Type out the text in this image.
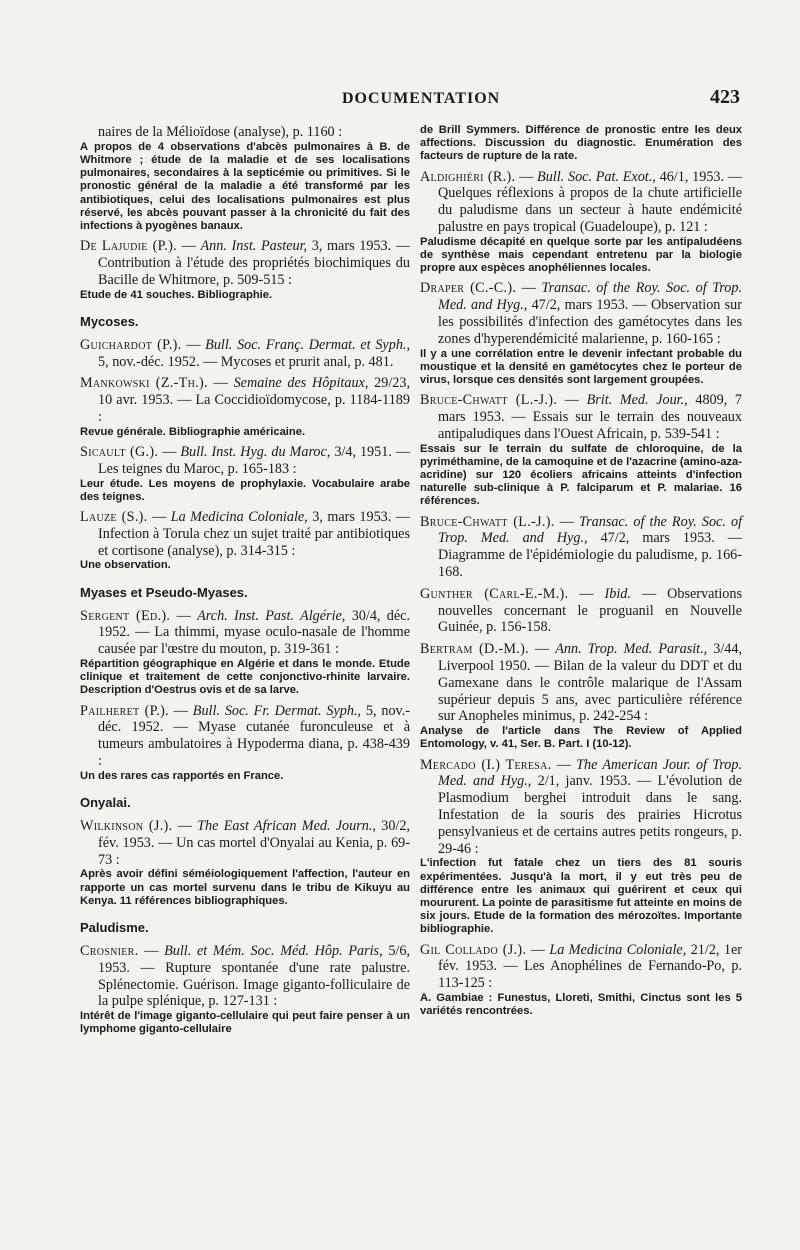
DOCUMENTATION	423

naires de la Mélioïdose (analyse), p. 1160 :

A propos de 4 observations d'abcès pulmonaires à B. de Whitmore ; étude de la maladie et de ses localisations pulmonaires, secondaires à la septicémie ou primitives. Si le pronostic général de la maladie a été transformé par les antibiotiques, celui des localisations pulmonaires est plus réservé, les abcès pouvant passer à la chronicité du fait des infections à pyogènes banaux.

De Lajudie (P.). — Ann. Inst. Pasteur, 3, mars 1953. — Contribution à l'étude des propriétés biochimiques du Bacille de Whitmore, p. 509-515 :

Etude de 41 souches. Bibliographie.

Mycoses.

Guichardot (P.). — Bull. Soc. Franç. Dermat. et Syph., 5, nov.-déc. 1952. — Mycoses et prurit anal, p. 481.

Mankowski (Z.-Th.). — Semaine des Hôpitaux, 29/23, 10 avr. 1953. — La Coccidioïdomycose, p. 1184-1189 :

Revue générale. Bibliographie américaine.

Sicault (G.). — Bull. Inst. Hyg. du Maroc, 3/4, 1951. — Les teignes du Maroc, p. 165-183 :

Leur étude. Les moyens de prophylaxie. Vocabulaire arabe des teignes.

Lauze (S.). — La Medicina Coloniale, 3, mars 1953. — Infection à Torula chez un sujet traité par antibiotiques et cortisone (analyse), p. 314-315 :

Une observation.

Myases et Pseudo-Myases.

Sergent (Ed.). — Arch. Inst. Past. Algérie, 30/4, déc. 1952. — La thimmi, myase oculo-nasale de l'homme causée par l'œstre du mouton, p. 319-361 :

Répartition géographique en Algérie et dans le monde. Etude clinique et traitement de cette conjonctivo-rhinite larvaire. Description d'Oestrus ovis et de sa larve.

Pailheret (P.). — Bull. Soc. Fr. Dermat. Syph., 5, nov.-déc. 1952. — Myase cutanée furonculeuse et à tumeurs ambulatoires à Hypoderma diana, p. 438-439 :

Un des rares cas rapportés en France.

Onyalai.

Wilkinson (J.). — The East African Med. Journ., 30/2, fév. 1953. — Un cas mortel d'Onyalai au Kenia, p. 69-73 :

Après avoir défini séméiologiquement l'affection, l'auteur en rapporte un cas mortel survenu dans le tribu de Kikuyu au Kenya. 11 références bibliographiques.

Paludisme.

Crosnier. — Bull. et Mém. Soc. Méd. Hôp. Paris, 5/6, 1953. — Rupture spontanée d'une rate palustre. Splénectomie. Guérison. Image giganto-folliculaire de la pulpe splénique, p. 127-131 :

Intérêt de l'image giganto-cellulaire qui peut faire penser à un lymphome giganto-cellulaire

de Brill Symmers. Différence de pronostic entre les deux affections. Discussion du diagnostic. Enumération des facteurs de rupture de la rate.

Aldighiéri (R.). — Bull. Soc. Pat. Exot., 46/1, 1953. — Quelques réflexions à propos de la chute artificielle du paludisme dans un secteur à haute endémicité palustre en pays tropical (Guadeloupe), p. 121 :

Paludisme décapité en quelque sorte par les antipaludéens de synthèse mais cependant entretenu par la biologie propre aux espèces anophéliennes locales.

Draper (C.-C.). — Transac. of the Roy. Soc. of Trop. Med. and Hyg., 47/2, mars 1953. — Observation sur les possibilités d'infection des gamétocytes dans les zones d'hyperendémicité malarienne, p. 160-165 :

Il y a une corrélation entre le devenir infectant probable du moustique et la densité en gamétocytes chez le porteur de virus, lorsque ces densités sont largement groupées.

Bruce-Chwatt (L.-J.). — Brit. Med. Jour., 4809, 7 mars 1953. — Essais sur le terrain des nouveaux antipaludiques dans l'Ouest Africain, p. 539-541 :

Essais sur le terrain du sulfate de chloroquine, de la pyriméthamine, de la camoquine et de l'azacrine (amino-aza-acridine) sur 120 écoliers africains atteints d'infection naturelle sub-clinique à P. falciparum et P. malariae. 16 références.

Bruce-Chwatt (L.-J.). — Transac. of the Roy. Soc. of Trop. Med. and Hyg., 47/2, mars 1953. — Diagramme de l'épidémiologie du paludisme, p. 166-168.

Gunther (Carl-E.-M.). — Ibid. — Observations nouvelles concernant le proguanil en Nouvelle Guinée, p. 156-158.

Bertram (D.-M.). — Ann. Trop. Med. Parasit., 3/44, Liverpool 1950. — Bilan de la valeur du DDT et du Gamexane dans le contrôle malarique de l'Assam supérieur depuis 5 ans, avec particulière référence sur Anopheles minimus, p. 242-254 :

Analyse de l'article dans The Review of Applied Entomology, v. 41, Ser. B. Part. I (10-12).

Mercado (I.) Teresa. — The American Jour. of Trop. Med. and Hyg., 2/1, janv. 1953. — L'évolution de Plasmodium berghei introduit dans le sang. Infestation de la souris des prairies Hicrotus pensylvanieus et de certains autres petits rongeurs, p. 29-46 :

L'infection fut fatale chez un tiers des 81 souris expérimentées. Jusqu'à la mort, il y eut très peu de différence entre les animaux qui guérirent et ceux qui moururent. La pointe de parasitisme fut atteinte en moins de six jours. Etude de la formation des mérozoïtes. Importante bibliographie.

Gil Collado (J.). — La Medicina Coloniale, 21/2, 1er fév. 1953. — Les Anophélines de Fernando-Po, p. 113-125 :

A. Gambiae : Funestus, Lloreti, Smithi, Cinctus sont les 5 variétés rencontrées.
